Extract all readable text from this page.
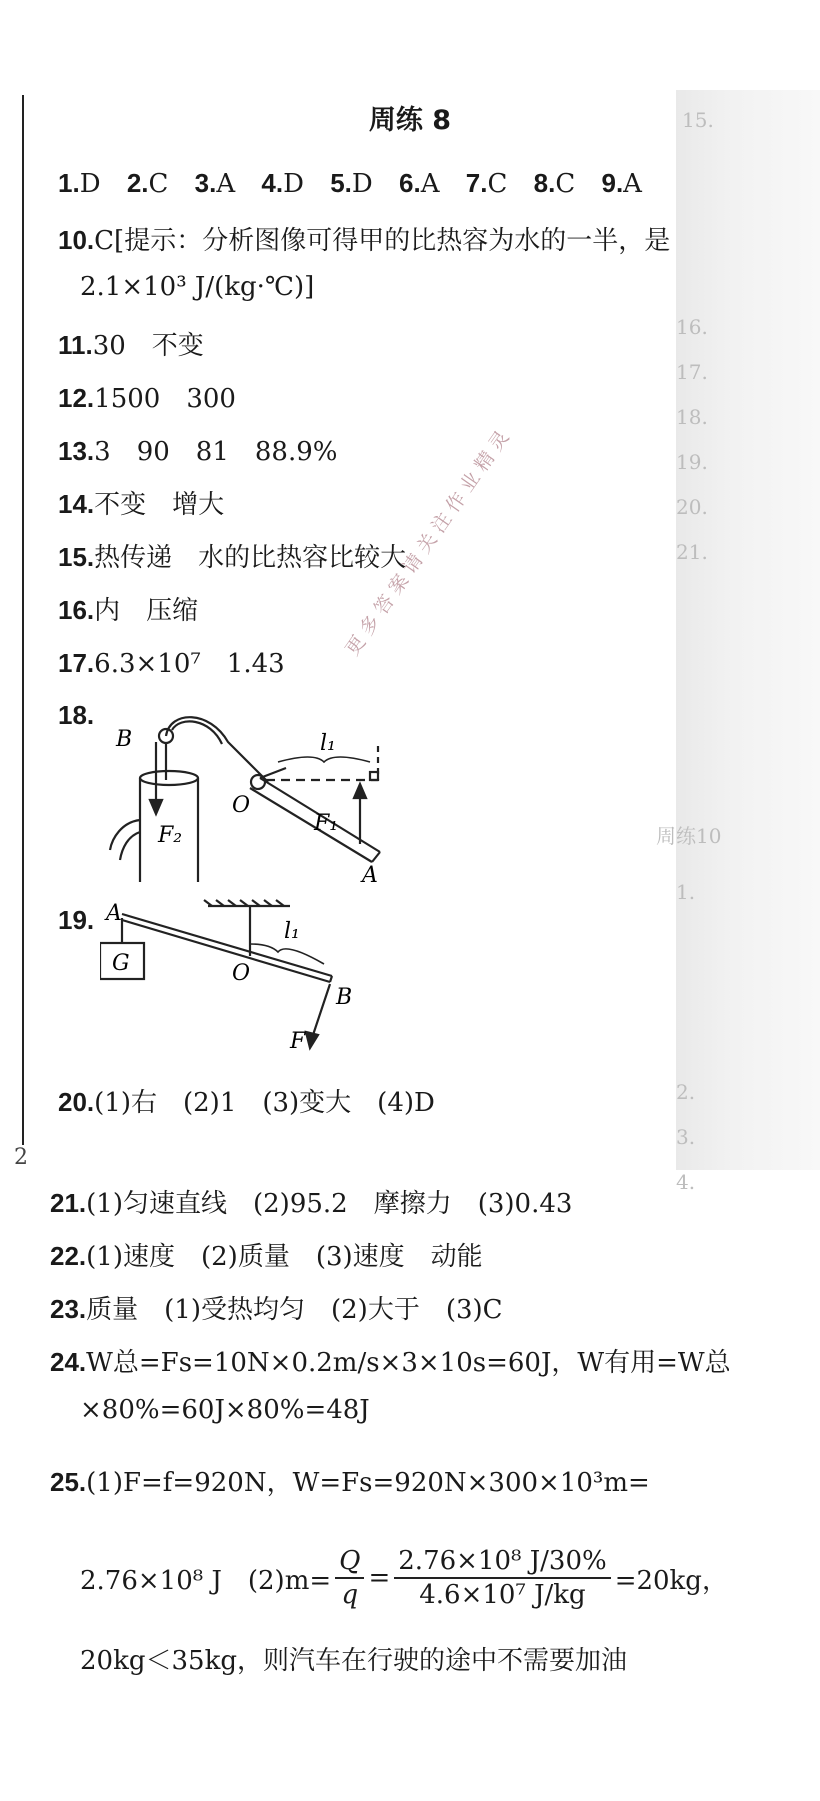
15.
16.
17.
18.
19.
20.
21.
周练10
1.
2.
3.
4.
周练 8
1.D 2.C 3.A 4.D 5.D 6.A 7.C 8.C 9.A
10.C[提示：分析图像可得甲的比热容为水的一半，是
2.1×10³ J/(kg·℃)]
11.30　不变
12.1500　300
13.3　90　81　88.9%
14.不变　增大
15.热传递　水的比热容比较大
16.内　压缩
17.6.3×10⁷　1.43
18.
B	l₁
O
F₁
F₂
A
19. A
G	O
l₁
B
F
20.(1)右　(2)1　(3)变大　(4)D
2
21.(1)匀速直线　(2)95.2　摩擦力　(3)0.43
22.(1)速度　(2)质量　(3)速度　动能
23.质量　(1)受热均匀　(2)大于　(3)C
24.W总=Fs=10N×0.2m/s×3×10s=60J，W有用=W总
×80%=60J×80%=48J
25.(1)F=f=920N，W=Fs=920N×300×10³m=
2.76×10⁸ J　$(2)m= \frac{Q}{q} = \frac{\text{2.76×10⁸ J/30\%}}{\text{4.6×10⁷ J/kg}} =20kg$，
20kg＜35kg，则汽车在行驶的途中不需要加油
更多答案请关注作业精灵
